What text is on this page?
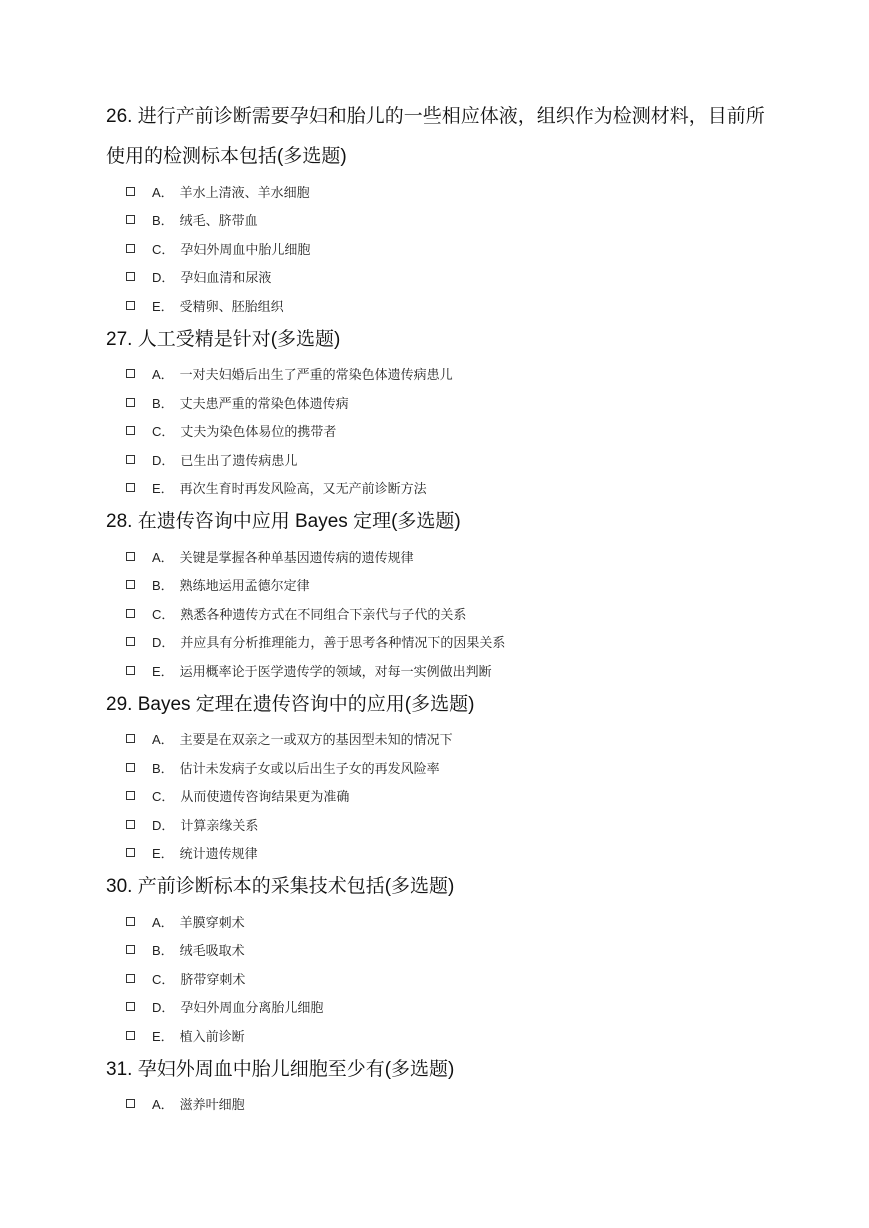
26. 进行产前诊断需要孕妇和胎儿的一些相应体液，组织作为检测材料，目前所使用的检测标本包括(多选题)

A． 羊水上清液、羊水细胞
B． 绒毛、脐带血
C． 孕妇外周血中胎儿细胞
D． 孕妇血清和尿液
E． 受精卵、胚胎组织

27. 人工受精是针对(多选题)

A． 一对夫妇婚后出生了严重的常染色体遗传病患儿
B． 丈夫患严重的常染色体遗传病
C． 丈夫为染色体易位的携带者
D． 已生出了遗传病患儿
E． 再次生育时再发风险高，又无产前诊断方法

28. 在遗传咨询中应用 Bayes 定理(多选题)

A． 关键是掌握各种单基因遗传病的遗传规律
B． 熟练地运用孟德尔定律
C． 熟悉各种遗传方式在不同组合下亲代与子代的关系
D． 并应具有分析推理能力，善于思考各种情况下的因果关系
E． 运用概率论于医学遗传学的领域，对每一实例做出判断

29. Bayes 定理在遗传咨询中的应用(多选题)

A． 主要是在双亲之一或双方的基因型未知的情况下
B． 估计未发病子女或以后出生子女的再发风险率
C． 从而使遗传咨询结果更为准确
D． 计算亲缘关系
E． 统计遗传规律

30. 产前诊断标本的采集技术包括(多选题)

A． 羊膜穿刺术
B． 绒毛吸取术
C． 脐带穿刺术
D． 孕妇外周血分离胎儿细胞
E． 植入前诊断

31. 孕妇外周血中胎儿细胞至少有(多选题)

A． 滋养叶细胞
